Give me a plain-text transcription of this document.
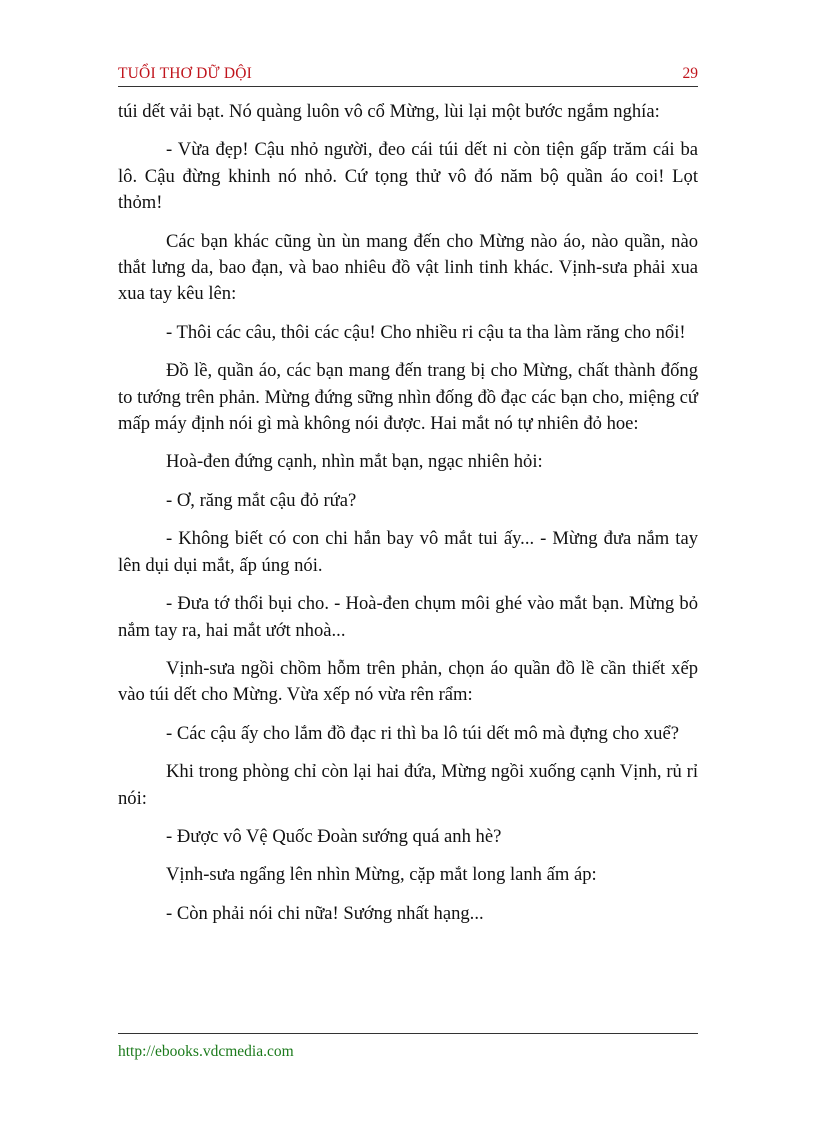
TUỔI THƠ DỮ DỘI	29

túi dết vải bạt. Nó quàng luôn vô cổ Mừng, lùi lại một bước ngắm nghía:

- Vừa đẹp! Cậu nhỏ người, đeo cái túi dết ni còn tiện gấp trăm cái ba lô. Cậu đừng khinh nó nhỏ. Cứ tọng thử vô đó năm bộ quần áo coi! Lọt thỏm!

Các bạn khác cũng ùn ùn mang đến cho Mừng nào áo, nào quần, nào thắt lưng da, bao đạn, và bao nhiêu đồ vật linh tinh khác. Vịnh-sưa phải xua xua tay kêu lên:

- Thôi các câu, thôi các cậu! Cho nhiều ri cậu ta tha làm răng cho nổi!

Đồ lề, quần áo, các bạn mang đến trang bị cho Mừng, chất thành đống to tướng trên phản. Mừng đứng sững nhìn đống đồ đạc các bạn cho, miệng cứ mấp máy định nói gì mà không nói được. Hai mắt nó tự nhiên đỏ hoe:

Hoà-đen đứng cạnh, nhìn mắt bạn, ngạc nhiên hỏi:

- Ơ, răng mắt cậu đỏ rứa?

- Không biết có con chi hắn bay vô mắt tui ấy... - Mừng đưa nắm tay lên dụi dụi mắt, ấp úng nói.

- Đưa tớ thổi bụi cho. - Hoà-đen chụm môi ghé vào mắt bạn. Mừng bỏ nắm tay ra, hai mắt ướt nhoà...

Vịnh-sưa ngồi chồm hỗm trên phản, chọn áo quần đồ lề cần thiết xếp vào túi dết cho Mừng. Vừa xếp nó vừa rên rẩm:

- Các cậu ấy cho lắm đồ đạc ri thì ba lô túi dết mô mà đựng cho xuể?

Khi trong phòng chỉ còn lại hai đứa, Mừng ngồi xuống cạnh Vịnh, rủ rỉ nói:

- Được vô Vệ Quốc Đoàn sướng quá anh hè?

Vịnh-sưa ngẩng lên nhìn Mừng, cặp mắt long lanh ấm áp:

- Còn phải nói chi nữa! Sướng nhất hạng...

http://ebooks.vdcmedia.com
